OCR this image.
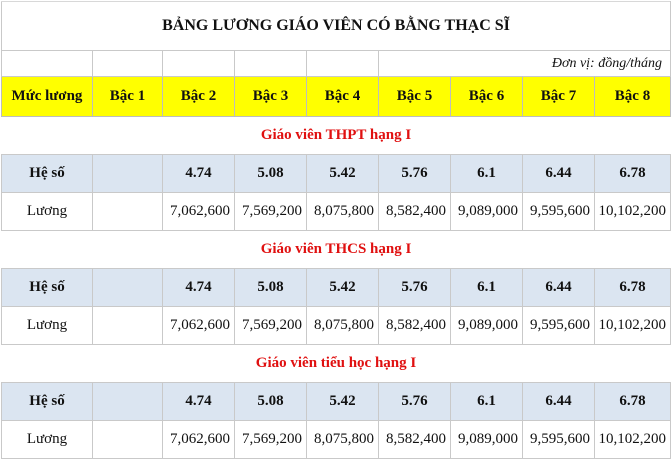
BẢNG LƯƠNG GIÁO VIÊN CÓ BẰNG THẠC SĨ								
					Đơn vị: đồng/tháng			
Mức lương	Bậc 1	Bậc 2	Bậc 3	Bậc 4	Bậc 5	Bậc 6	Bậc 7	Bậc 8
Giáo viên THPT hạng I								
Hệ số		4.74	5.08	5.42	5.76	6.1	6.44	6.78
Lương		7,062,600	7,569,200	8,075,800	8,582,400	9,089,000	9,595,600	10,102,200
Giáo viên THCS hạng I								
Hệ số		4.74	5.08	5.42	5.76	6.1	6.44	6.78
Lương		7,062,600	7,569,200	8,075,800	8,582,400	9,089,000	9,595,600	10,102,200
Giáo viên tiểu học hạng I								
Hệ số		4.74	5.08	5.42	5.76	6.1	6.44	6.78
Lương		7,062,600	7,569,200	8,075,800	8,582,400	9,089,000	9,595,600	10,102,200
